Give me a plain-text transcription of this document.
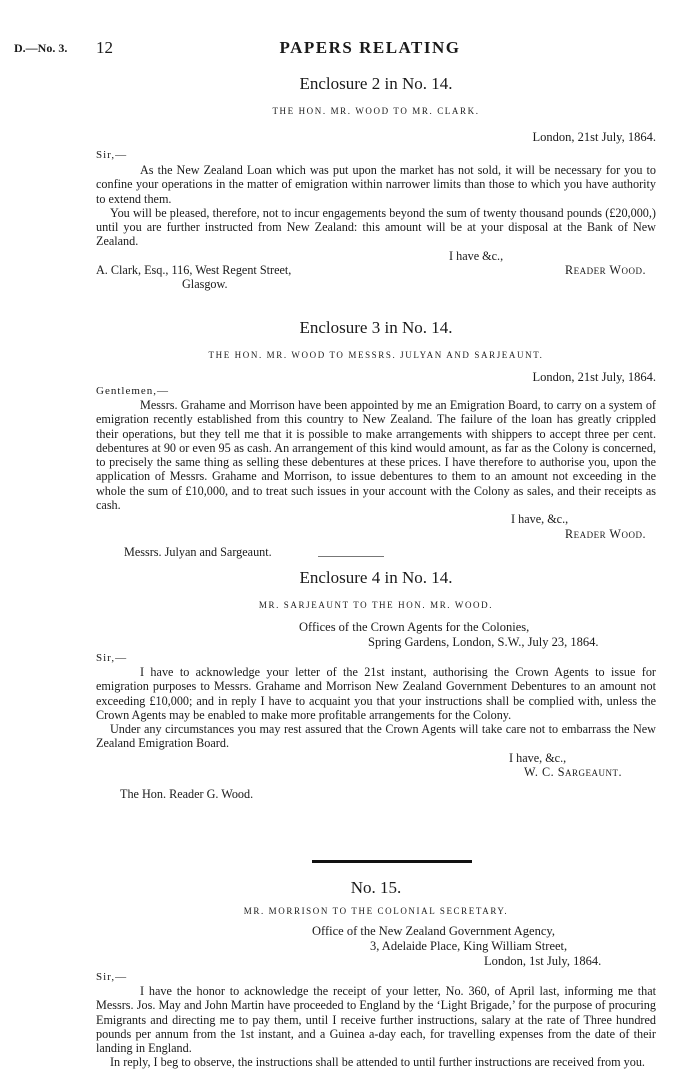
D.—No. 3. 12	PAPERS RELATING

Enclosure 2 in No. 14.

THE HON. MR. WOOD TO MR. CLARK.
London, 21st July, 1864.
Sir,—

As the New Zealand Loan which was put upon the market has not sold, it will be necessary for you to confine your operations in the matter of emigration within narrower limits than those to which you have authority to extend them.

You will be pleased, therefore, not to incur engagements beyond the sum of twenty thousand pounds (£20,000,) until you are further instructed from New Zealand: this amount will be at your disposal at the Bank of New Zealand.

I have &c.,
A. Clark, Esq., 116, West Regent Street,	Reader Wood.
Glasgow.

Enclosure 3 in No. 14.

THE HON. MR. WOOD TO MESSRS. JULYAN AND SARJEAUNT.
London, 21st July, 1864.
Gentlemen,—

Messrs. Grahame and Morrison have been appointed by me an Emigration Board, to carry on a system of emigration recently established from this country to New Zealand. The failure of the loan has greatly crippled their operations, but they tell me that it is possible to make arrangements with shippers to accept three per cent. debentures at 90 or even 95 as cash. An arrangement of this kind would amount, as far as the Colony is concerned, to precisely the same thing as selling these debentures at these prices. I have therefore to authorise you, upon the application of Messrs. Grahame and Morrison, to issue debentures to them to an amount not exceeding in the whole the sum of £10,000, and to treat such issues in your account with the Colony as sales, and their receipts as cash.

I have, &c.,
Reader Wood.
Messrs. Julyan and Sargeaunt.

Enclosure 4 in No. 14.

MR. SARJEAUNT TO THE HON. MR. WOOD.
Offices of the Crown Agents for the Colonies,
Spring Gardens, London, S.W., July 23, 1864.
Sir,—

I have to acknowledge your letter of the 21st instant, authorising the Crown Agents to issue for emigration purposes to Messrs. Grahame and Morrison New Zealand Government Debentures to an amount not exceeding £10,000; and in reply I have to acquaint you that your instructions shall be complied with, unless the Crown Agents may be enabled to make more profitable arrangements for the Colony.

Under any circumstances you may rest assured that the Crown Agents will take care not to embarrass the New Zealand Emigration Board.

I have, &c.,
W. C. Sargeaunt.
The Hon. Reader G. Wood.

No. 15.

MR. MORRISON TO THE COLONIAL SECRETARY.
Office of the New Zealand Government Agency,
3, Adelaide Place, King William Street,
London, 1st July, 1864.
Sir,—

I have the honor to acknowledge the receipt of your letter, No. 360, of April last, informing me that Messrs. Jos. May and John Martin have proceeded to England by the ‘Light Brigade,’ for the purpose of procuring Emigrants and directing me to pay them, until I receive further instructions, salary at the rate of Three hundred pounds per annum from the 1st instant, and a Guinea a-day each, for travelling expenses from the date of their landing in England.

In reply, I beg to observe, the instructions shall be attended to until further instructions are received from you.
